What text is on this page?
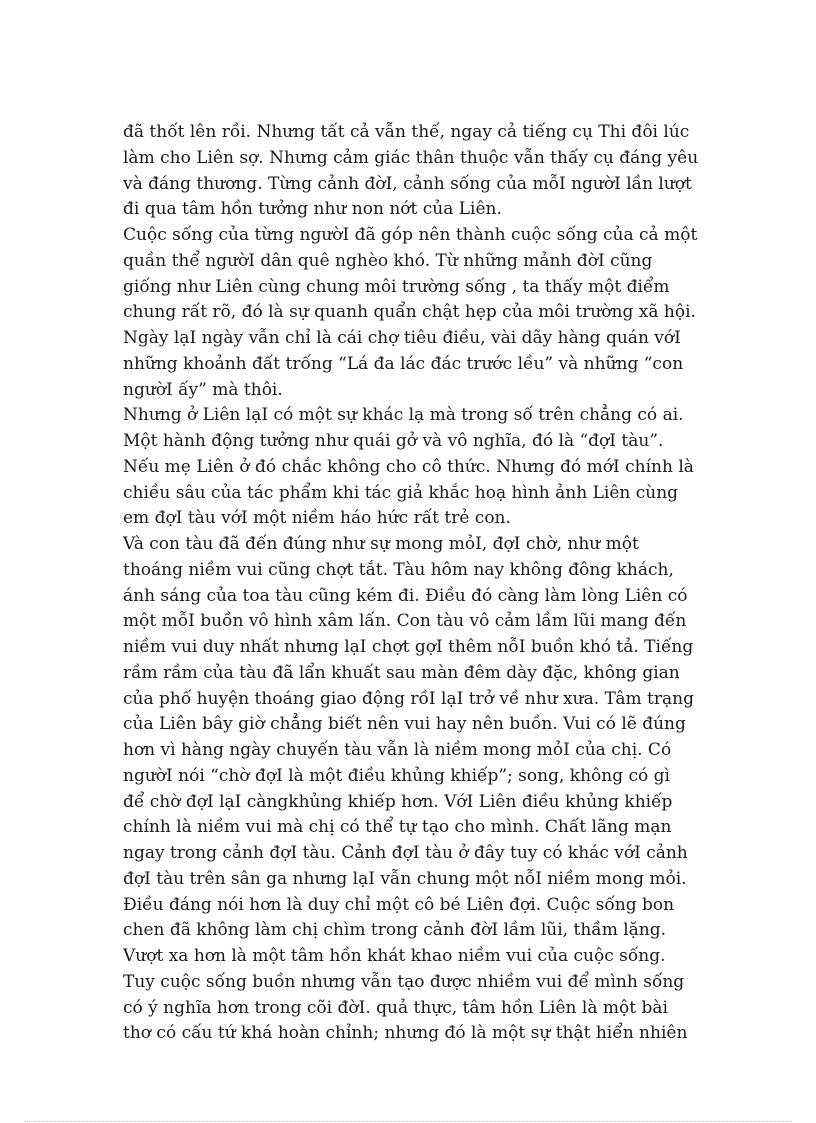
đã thốt lên rồi. Nhưng tất cả vẫn thế, ngay cả tiếng cụ Thi đôi lúc
làm cho Liên sợ. Nhưng cảm giác thân thuộc vẫn thấy cụ đáng yêu
và đáng thương. Từng cảnh đờI, cảnh sống của mỗI ngườI lần lượt
đi qua tâm hồn tưởng như non nớt của Liên.
Cuộc sống của từng ngườI đã góp nên thành cuộc sống của cả một
quần thể ngườI dân quê nghèo khó. Từ những mảnh đờI cũng
giống như Liên cùng chung môi trường sống , ta thấy một điểm
chung rất rõ, đó là sự quanh quẩn chật hẹp của môi trường xã hội.
Ngày lạI ngày vẫn chỉ là cái chợ tiêu điều, vài dãy hàng quán vớI
những khoảnh đất trống “Lá đa lác đác trước lều” và những “con
ngườI ấy” mà thôi.
Nhưng ở Liên lạI có một sự khác lạ mà trong số trên chẳng có ai.
Một hành động tưởng như quái gở và vô nghĩa, đó là “đợI tàu”.
Nếu mẹ Liên ở đó chắc không cho cô thức. Nhưng đó mớI chính là
chiều sâu của tác phẩm khi tác giả khắc hoạ hình ảnh Liên cùng
em đợI tàu vớI một niềm háo hức rất trẻ con.
Và con tàu đã đến đúng như sự mong mỏI, đợI chờ, như một
thoáng niềm vui cũng chợt tắt. Tàu hôm nay không đông khách,
ánh sáng của toa tàu cũng kém đi. Điều đó càng làm lòng Liên có
một mỗI buồn vô hình xâm lấn. Con tàu vô cảm lầm lũi mang đến
niềm vui duy nhất nhưng lạI chợt gợI thêm nỗI buồn khó tả. Tiếng
rầm rầm của tàu đã lẩn khuất sau màn đêm dày đặc, không gian
của phố huyện thoáng giao động rồI lạI trở về như xưa. Tâm trạng
của Liên bây giờ chẳng biết nên vui hay nên buồn. Vui có lẽ đúng
hơn vì hàng ngày chuyến tàu vẫn là niềm mong mỏI của chị. Có
ngườI nói “chờ đợI là một điều khủng khiếp”; song, không có gì
để chờ đợI lạI càngkhủng khiếp hơn. VớI Liên điều khủng khiếp
chính là niềm vui mà chị có thể tự tạo cho mình. Chất lãng mạn
ngay trong cảnh đợI tàu. Cảnh đợI tàu ở đây tuy có khác vớI cảnh
đợI tàu trên sân ga nhưng lạI vẫn chung một nỗI niềm mong mỏi.
Điều đáng nói hơn là duy chỉ một cô bé Liên đợi. Cuộc sống bon
chen đã không làm chị chìm trong cảnh đờI lầm lũi, thầm lặng.
Vượt xa hơn là một tâm hồn khát khao niềm vui của cuộc sống.
Tuy cuộc sống buồn nhưng vẫn tạo được nhiềm vui để mình sống
có ý nghĩa hơn trong cõi đờI. quả thực, tâm hồn Liên là một bài
thơ có cấu tứ khá hoàn chỉnh; nhưng đó là một sự thật hiển nhiên
